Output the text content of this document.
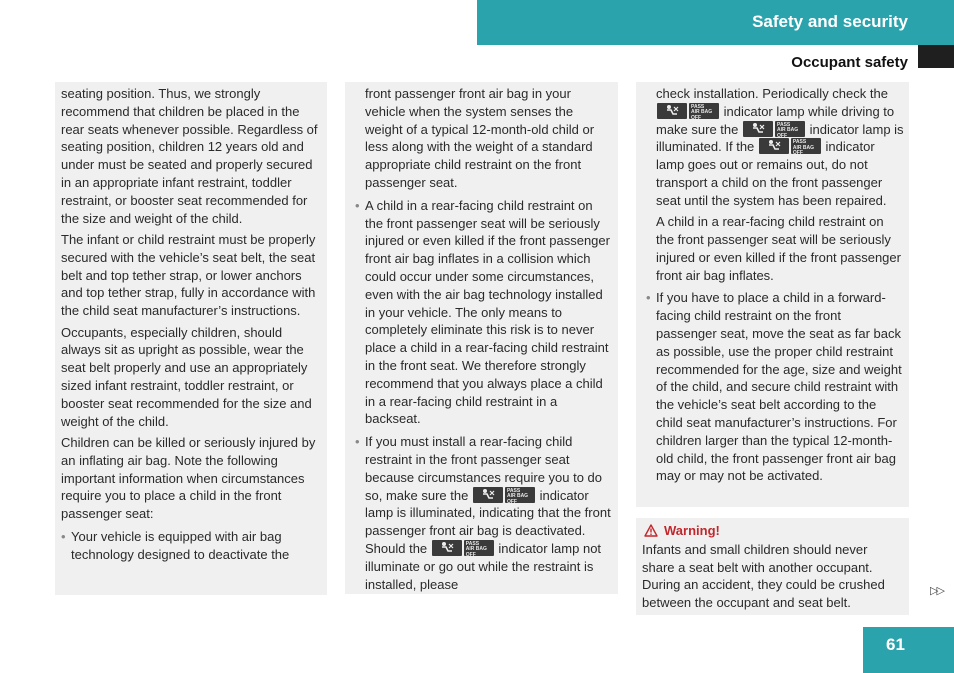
Safety and security
Occupant safety

seating position. Thus, we strongly recommend that children be placed in the rear seats whenever possible. Regardless of seating position, children 12 years old and under must be seated and properly secured in an appropriate infant restraint, toddler restraint, or booster seat recommended for the size and weight of the child.

The infant or child restraint must be properly secured with the vehicle’s seat belt, the seat belt and top tether strap, or lower anchors and top tether strap, fully in accordance with the child seat manufacturer’s instructions.

Occupants, especially children, should always sit as upright as possible, wear the seat belt properly and use an appropriately sized infant restraint, toddler restraint, or booster seat recommended for the size and weight of the child.

Children can be killed or seriously injured by an inflating air bag. Note the following important information when circumstances require you to place a child in the front passenger seat:

• Your vehicle is equipped with air bag technology designed to deactivate the

front passenger front air bag in your vehicle when the system senses the weight of a typical 12-month-old child or less along with the weight of a standard appropriate child restraint on the front passenger seat.

• A child in a rear-facing child restraint on the front passenger seat will be seriously injured or even killed if the front passenger front air bag inflates in a collision which could occur under some circumstances, even with the air bag technology installed in your vehicle. The only means to completely eliminate this risk is to never place a child in a rear-facing child restraint in the front seat. We therefore strongly recommend that you always place a child in a rear-facing child restraint in a backseat.
• If you must install a rear-facing child restraint in the front passenger seat because circumstances require you to do so, make sure the	PASS
AIR BAG OFF	indicator lamp is illuminated, indicating that the front passenger front air bag is deactivated. Should the	PASS
AIR BAG OFF	indicator lamp not illuminate or go out while the restraint is installed, please

check installation. Periodically check the
PASS
AIR BAG OFF	indicator lamp while driving to make sure the	PASS
AIR BAG OFF	indicator lamp is illuminated. If the	PASS
AIR BAG OFF	indicator lamp goes out or remains out, do not transport a child on the front passenger seat until the system has been repaired.

A child in a rear-facing child restraint on the front passenger seat will be seriously injured or even killed if the front passenger front air bag inflates.

• If you have to place a child in a forward-facing child restraint on the front passenger seat, move the seat as far back as possible, use the proper child restraint recommended for the age, size and weight of the child, and secure child restraint with the vehicle’s seat belt according to the child seat manufacturer’s instructions. For children larger than the typical 12-month-old child, the front passenger front air bag may or may not be activated.
Warning!
Infants and small children should never share a seat belt with another occupant. During an accident, they could be crushed between the occupant and seat belt.
▷▷
61
